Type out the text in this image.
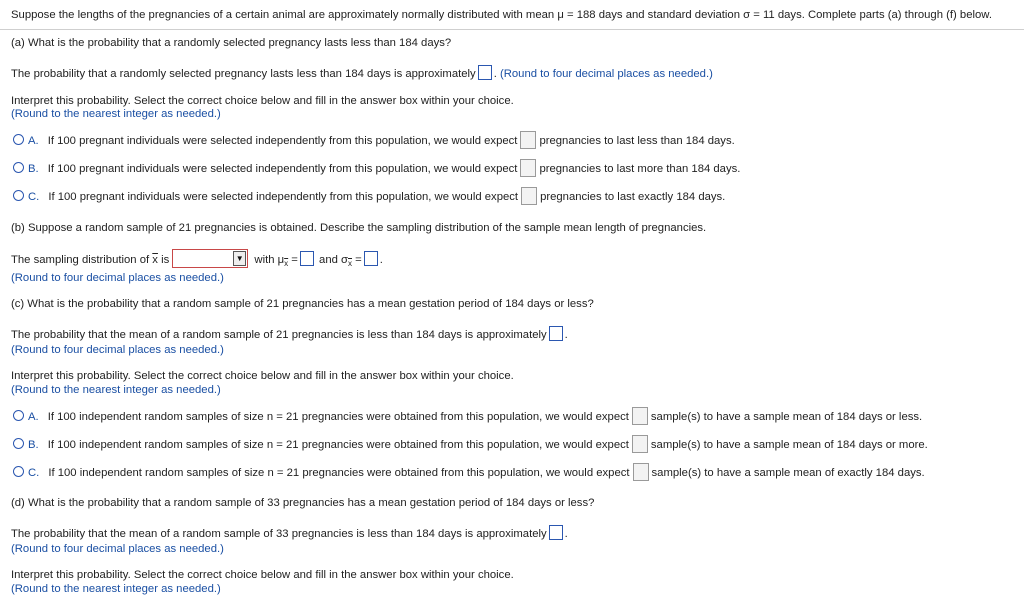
Suppose the lengths of the pregnancies of a certain animal are approximately normally distributed with mean μ = 188 days and standard deviation σ = 11 days. Complete parts (a) through (f) below.
(a) What is the probability that a randomly selected pregnancy lasts less than 184 days?
The probability that a randomly selected pregnancy lasts less than 184 days is approximately . (Round to four decimal places as needed.)
Interpret this probability. Select the correct choice below and fill in the answer box within your choice.
(Round to the nearest integer as needed.)
A. If 100 pregnant individuals were selected independently from this population, we would expect pregnancies to last less than 184 days.
B. If 100 pregnant individuals were selected independently from this population, we would expect pregnancies to last more than 184 days.
C. If 100 pregnant individuals were selected independently from this population, we would expect pregnancies to last exactly 184 days.
(b) Suppose a random sample of 21 pregnancies is obtained. Describe the sampling distribution of the sample mean length of pregnancies.
The sampling distribution of $\overline{x}$ is	▼ with $\mu_{\overline{x}}$ = and $\sigma_{\overline{x}}$ = .
(Round to four decimal places as needed.)
(c) What is the probability that a random sample of 21 pregnancies has a mean gestation period of 184 days or less?
The probability that the mean of a random sample of 21 pregnancies is less than 184 days is approximately .
(Round to four decimal places as needed.)
Interpret this probability. Select the correct choice below and fill in the answer box within your choice.
(Round to the nearest integer as needed.)
A. If 100 independent random samples of size n = 21 pregnancies were obtained from this population, we would expect sample(s) to have a sample mean of 184 days or less.
B. If 100 independent random samples of size n = 21 pregnancies were obtained from this population, we would expect sample(s) to have a sample mean of 184 days or more.
C. If 100 independent random samples of size n = 21 pregnancies were obtained from this population, we would expect sample(s) to have a sample mean of exactly 184 days.
(d) What is the probability that a random sample of 33 pregnancies has a mean gestation period of 184 days or less?
The probability that the mean of a random sample of 33 pregnancies is less than 184 days is approximately .
(Round to four decimal places as needed.)
Interpret this probability. Select the correct choice below and fill in the answer box within your choice.
(Round to the nearest integer as needed.)
